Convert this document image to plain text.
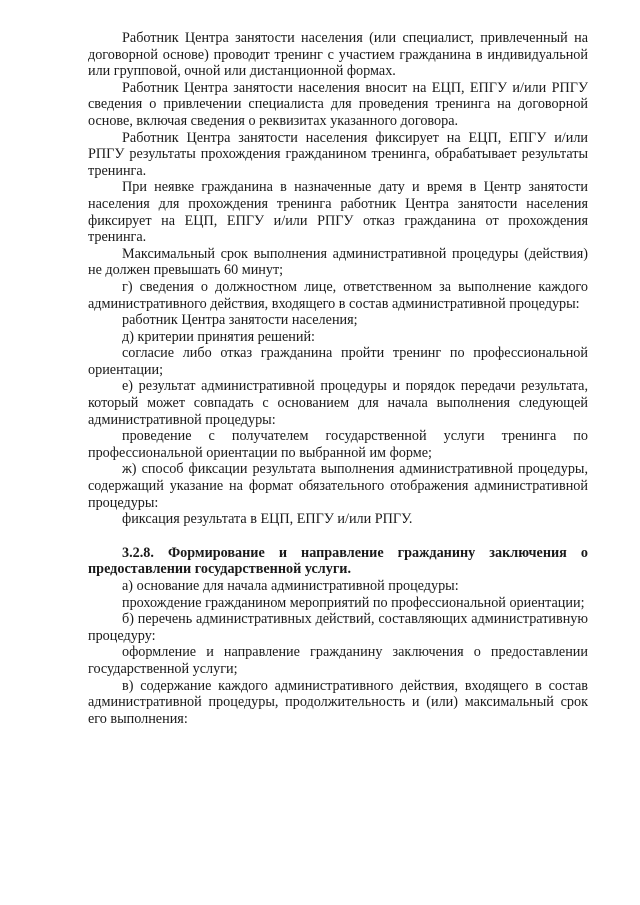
Работник Центра занятости населения (или специалист, привлеченный на договорной основе) проводит тренинг с участием гражданина в индивидуальной или групповой, очной или дистанционной формах.

Работник Центра занятости населения вносит на ЕЦП, ЕПГУ и/или РПГУ сведения о привлечении специалиста для проведения тренинга на договорной основе, включая сведения о реквизитах указанного договора.

Работник Центра занятости населения фиксирует на ЕЦП, ЕПГУ и/или РПГУ результаты прохождения гражданином тренинга, обрабатывает результаты тренинга.

При неявке гражданина в назначенные дату и время в Центр занятости населения для прохождения тренинга работник Центра занятости населения фиксирует на ЕЦП, ЕПГУ и/или РПГУ отказ гражданина от прохождения тренинга.

Максимальный срок выполнения административной процедуры (действия) не должен превышать 60 минут;

г) сведения о должностном лице, ответственном за выполнение каждого административного действия, входящего в состав административной процедуры:

работник Центра занятости населения;

д) критерии принятия решений:

согласие либо отказ гражданина пройти тренинг по профессиональной ориентации;

е) результат административной процедуры и порядок передачи результата, который может совпадать с основанием для начала выполнения следующей административной процедуры:

проведение с получателем государственной услуги тренинга по профессиональной ориентации по выбранной им форме;

ж) способ фиксации результата выполнения административной процедуры, содержащий указание на формат обязательного отображения административной процедуры:

фиксация результата в ЕЦП, ЕПГУ и/или РПГУ.

3.2.8. Формирование и направление гражданину заключения о предоставлении государственной услуги.

а) основание для начала административной процедуры:

прохождение гражданином мероприятий по профессиональной ориентации;

б) перечень административных действий, составляющих административную процедуру:

оформление и направление гражданину заключения о предоставлении государственной услуги;

в) содержание каждого административного действия, входящего в состав административной процедуры, продолжительность и (или) максимальный срок его выполнения:
